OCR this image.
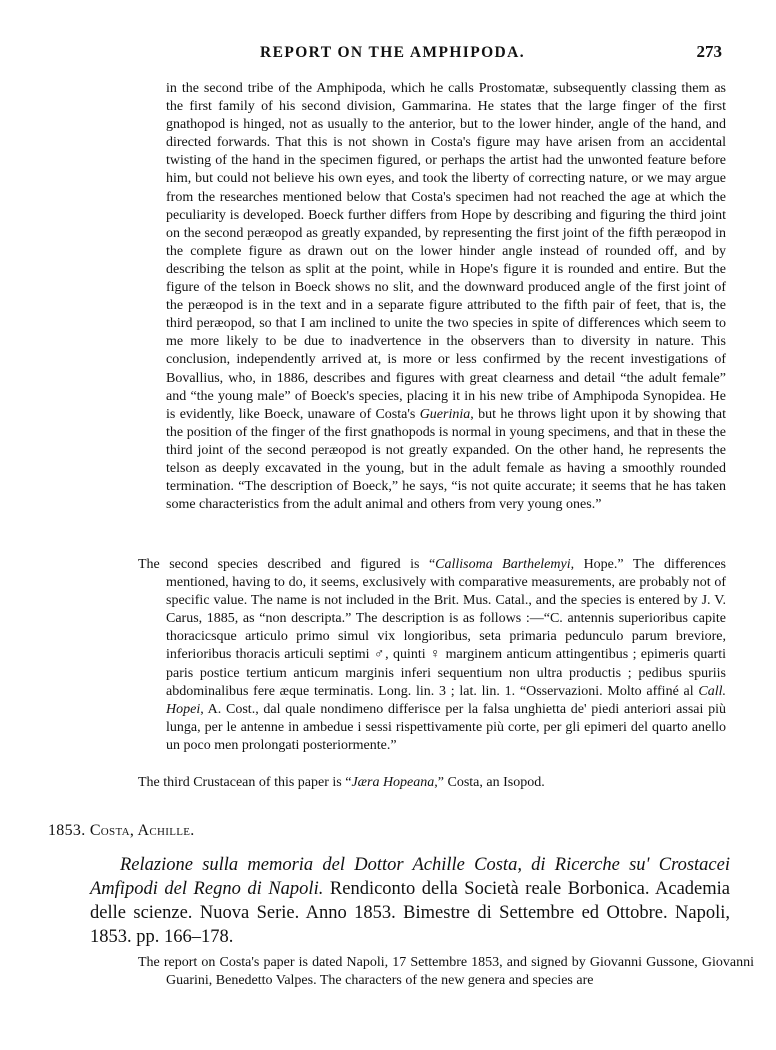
REPORT ON THE AMPHIPODA.	273

in the second tribe of the Amphipoda, which he calls Prostomatæ, subsequently classing them as the first family of his second division, Gammarina. He states that the large finger of the first gnathopod is hinged, not as usually to the anterior, but to the lower hinder, angle of the hand, and directed forwards. That this is not shown in Costa's figure may have arisen from an accidental twisting of the hand in the specimen figured, or perhaps the artist had the unwonted feature before him, but could not believe his own eyes, and took the liberty of correcting nature, or we may argue from the researches mentioned below that Costa's specimen had not reached the age at which the peculiarity is developed. Boeck further differs from Hope by describing and figuring the third joint on the second peræopod as greatly expanded, by representing the first joint of the fifth peræopod in the complete figure as drawn out on the lower hinder angle instead of rounded off, and by describing the telson as split at the point, while in Hope's figure it is rounded and entire. But the figure of the telson in Boeck shows no slit, and the downward produced angle of the first joint of the peræopod is in the text and in a separate figure attributed to the fifth pair of feet, that is, the third peræopod, so that I am inclined to unite the two species in spite of differences which seem to me more likely to be due to inadvertence in the observers than to diversity in nature. This conclusion, independently arrived at, is more or less confirmed by the recent investigations of Bovallius, who, in 1886, describes and figures with great clearness and detail “the adult female” and “the young male” of Boeck's species, placing it in his new tribe of Amphipoda Synopidea. He is evidently, like Boeck, unaware of Costa's Guerinia, but he throws light upon it by showing that the position of the finger of the first gnathopods is normal in young specimens, and that in these the third joint of the second peræopod is not greatly expanded. On the other hand, he represents the telson as deeply excavated in the young, but in the adult female as having a smoothly rounded termination. “The description of Boeck,” he says, “is not quite accurate; it seems that he has taken some characteristics from the adult animal and others from very young ones.”

The second species described and figured is “Callisoma Barthelemyi, Hope.” The differences mentioned, having to do, it seems, exclusively with comparative measurements, are probably not of specific value. The name is not included in the Brit. Mus. Catal., and the species is entered by J. V. Carus, 1885, as “non descripta.” The description is as follows :—“C. antennis superioribus capite thoracicsque articulo primo simul vix longioribus, seta primaria pedunculo parum breviore, inferioribus thoracis articuli septimi ♂, quinti ♀ marginem anticum attingentibus ; epimeris quarti paris postice tertium anticum marginis inferi sequentium non ultra productis ; pedibus spuriis abdominalibus fere æque terminatis. Long. lin. 3 ; lat. lin. 1. “Osservazioni. Molto affiné al Call. Hopei, A. Cost., dal quale nondimeno differisce per la falsa unghietta de' piedi anteriori assai più lunga, per le antenne in ambedue i sessi rispettivamente più corte, per gli epimeri del quarto anello un poco men prolongati posteriormente.”

The third Crustacean of this paper is “Jæra Hopeana,” Costa, an Isopod.

1853. Costa, Achille.

Relazione sulla memoria del Dottor Achille Costa, di Ricerche su' Crostacei Amfipodi del Regno di Napoli. Rendiconto della Società reale Borbonica. Academia delle scienze. Nuova Serie. Anno 1853. Bimestre di Settembre ed Ottobre. Napoli, 1853. pp. 166–178.

The report on Costa's paper is dated Napoli, 17 Settembre 1853, and signed by Giovanni Gussone, Giovanni Guarini, Benedetto Valpes. The characters of the new genera and species are
